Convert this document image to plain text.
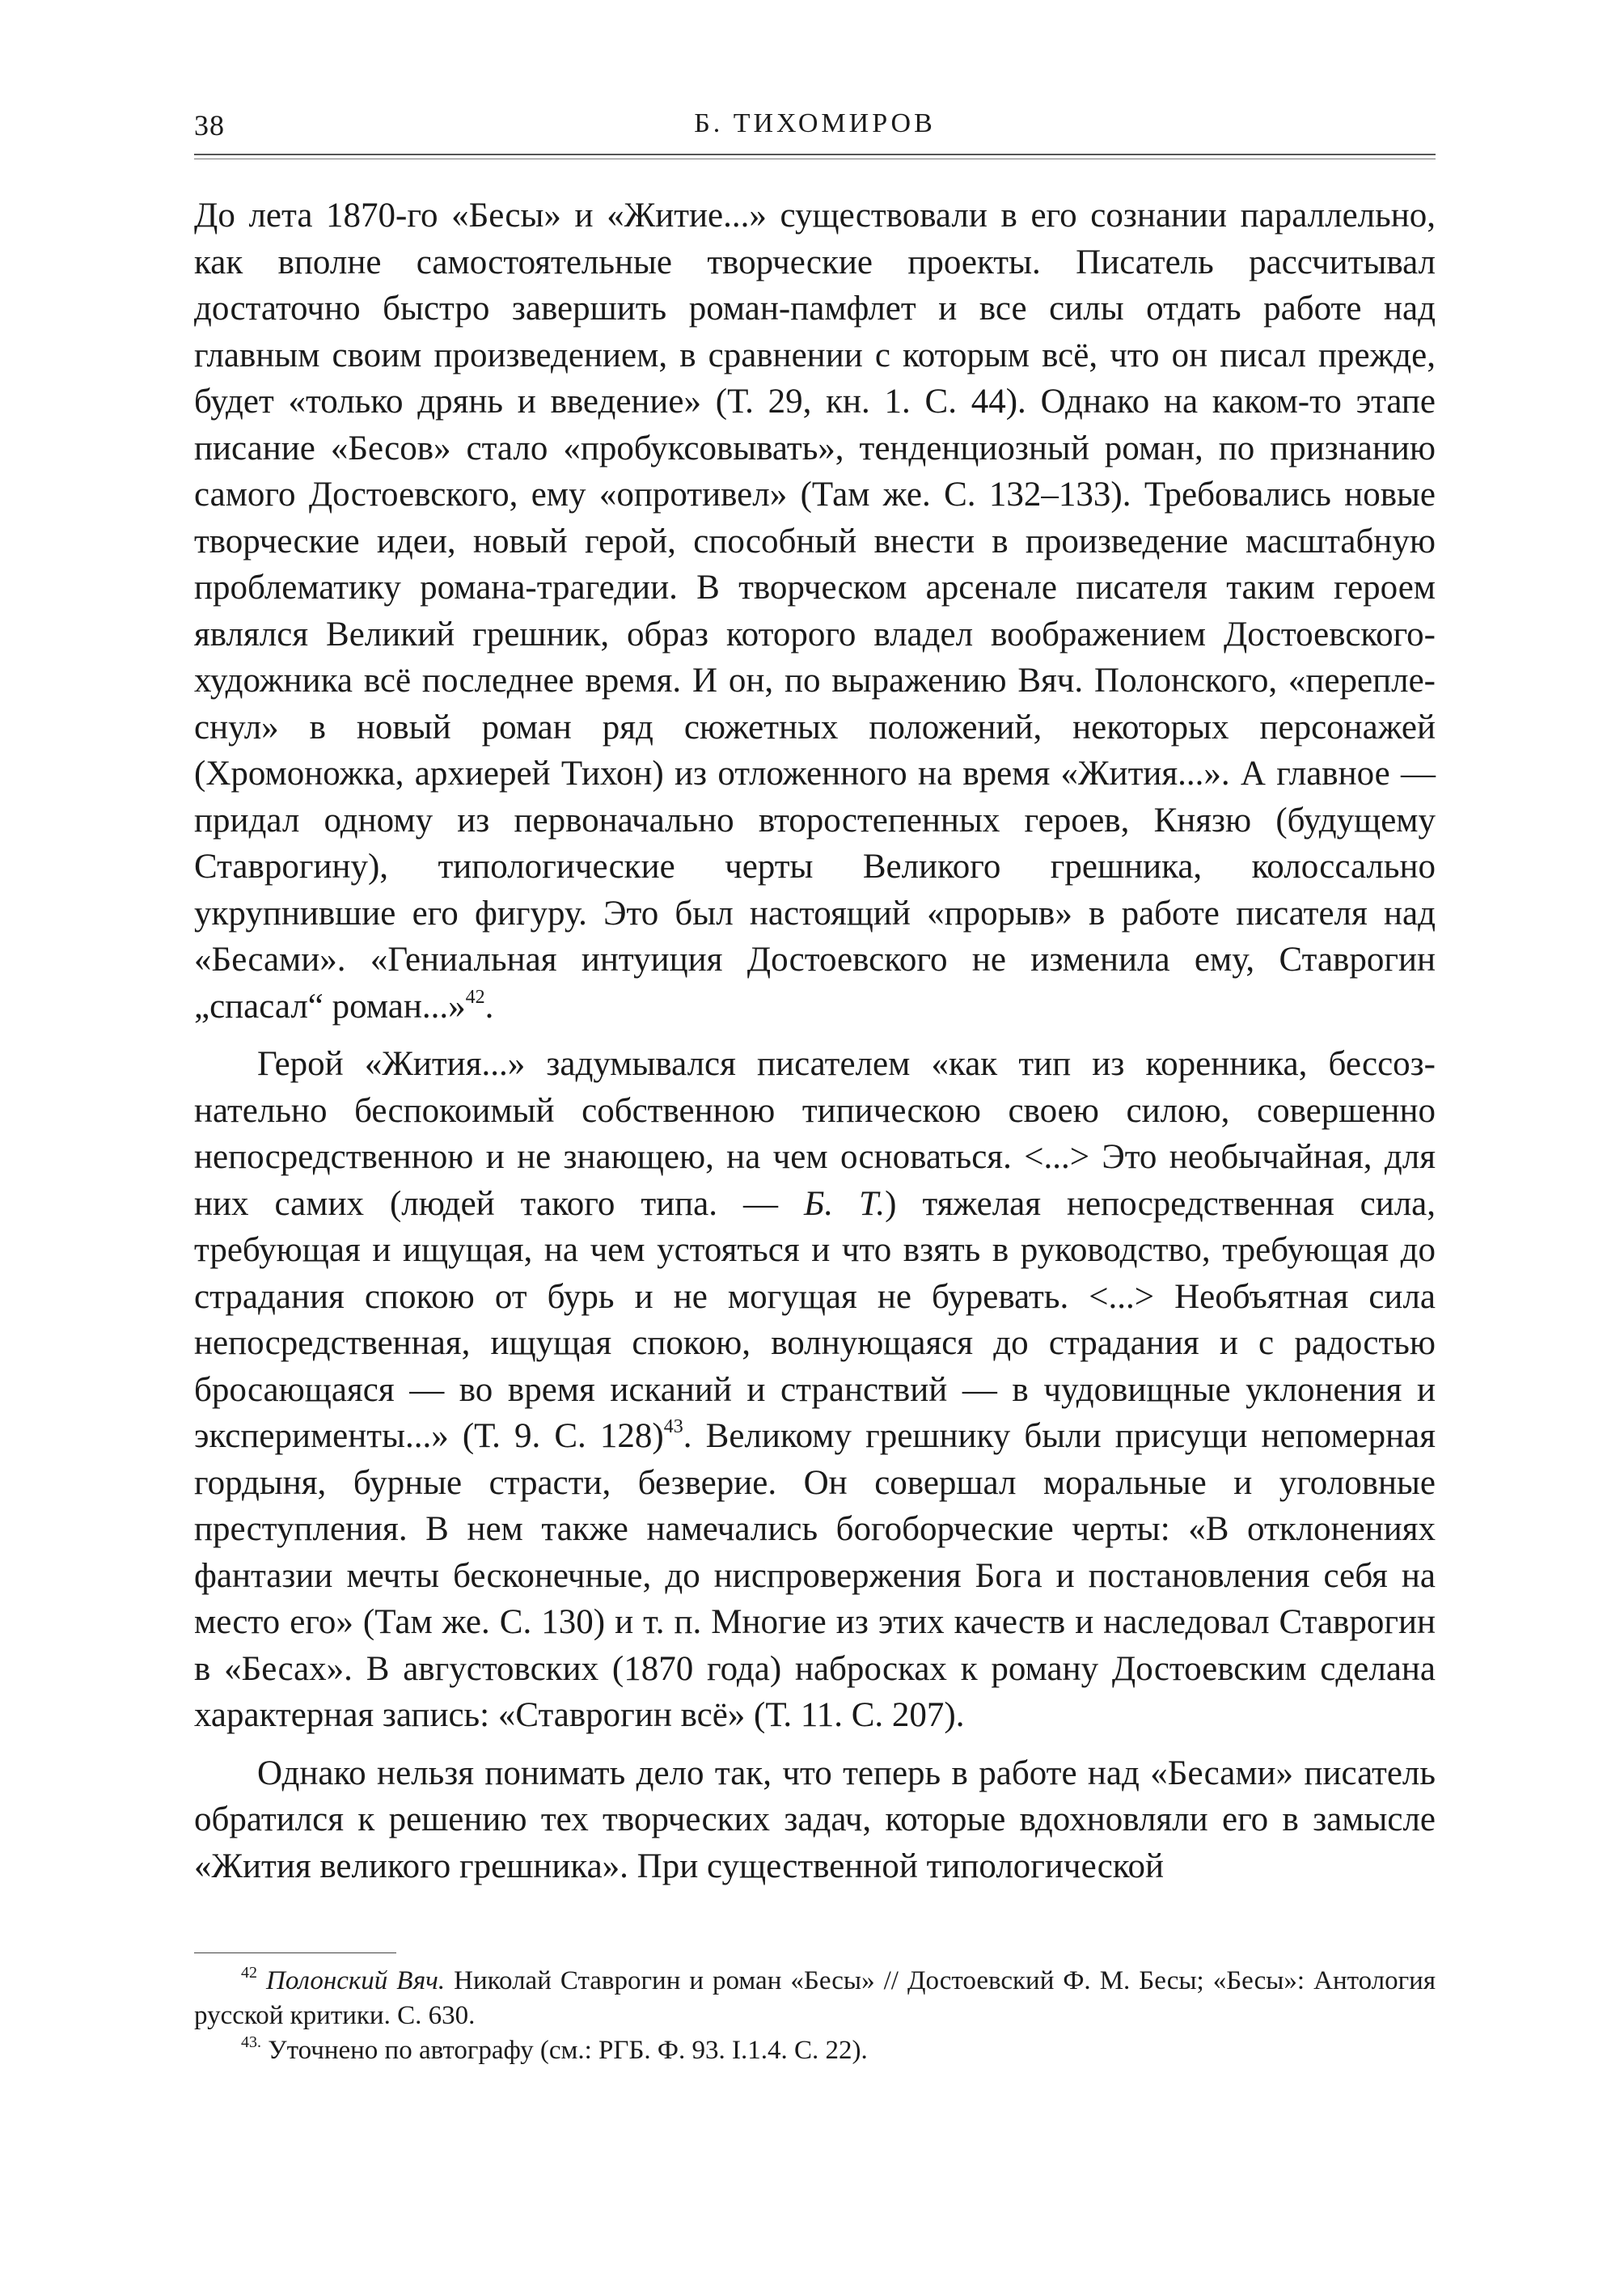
38	Б. ТИХОМИРОВ

До лета 1870-го «Бесы» и «Житие...» существовали в его сознании параллельно, как вполне самостоятельные творческие проекты. Писатель рассчитывал достаточно быстро завершить роман-памфлет и все силы отдать работе над главным своим произведением, в сравнении с которым всё, что он писал прежде, будет «только дрянь и введение» (Т. 29, кн. 1. С. 44). Однако на каком-то этапе писание «Бесов» стало «пробуксовывать», тенденциозный роман, по признанию самого Достоевского, ему «опротивел» (Там же. С. 132–133). Требовались новые творческие идеи, новый герой, способный внести в произведение масштабную проблематику романа-трагедии. В творческом арсенале писателя таким героем являлся Великий грешник, образ которого владел воображением Достоевского-художника всё последнее время. И он, по выражению Вяч. Полонского, «переплеснул» в новый роман ряд сюжетных положений, некоторых персонажей (Хромоножка, архиерей Тихон) из отложенного на время «Жития...». А главное — придал одному из первоначально второстепенных героев, Князю (будущему Ставрогину), типологические черты Великого грешника, колоссально укрупнившие его фигуру. Это был настоящий «прорыв» в работе писателя над «Бесами». «Гениальная интуиция Достоевского не изменила ему, Ставрогин „спасал“ роман...»$^{42}$.

Герой «Жития...» задумывался писателем «как тип из коренника, бессознательно беспокоимый собственною типическою своею силою, совершенно непосредственною и не знающею, на чем основаться. <...> Это необычайная, для них самих (людей такого типа. — Б. Т.) тяжелая непосредственная сила, требующая и ищущая, на чем устояться и что взять в руководство, требующая до страдания спокою от бурь и не могущая не буревать. <...> Необъятная сила непосредственная, ищущая спокою, волнующаяся до страдания и с радостью бросающаяся — во время исканий и странствий — в чудовищные уклонения и эксперименты...» (Т. 9. С. 128)$^{43}$. Великому грешнику были присущи непомерная гордыня, бурные страсти, безверие. Он совершал моральные и уголовные преступления. В нем также намечались богоборческие черты: «В отклонениях фантазии мечты бесконечные, до ниспровержения Бога и постановления себя на место его» (Там же. С. 130) и т. п. Многие из этих качеств и наследовал Ставрогин в «Бесах». В августовских (1870 года) набросках к роману Достоевским сделана характерная запись: «Ставрогин всё» (Т. 11. С. 207).

Однако нельзя понимать дело так, что теперь в работе над «Бесами» писатель обратился к решению тех творческих задач, которые вдохновляли его в замысле «Жития великого грешника». При существенной типологической

$^{42}$ Полонский Вяч. Николай Ставрогин и роман «Бесы» // Достоевский Ф. М. Бесы; «Бесы»: Антология русской критики. С. 630.

$^{43.}$ Уточнено по автографу (см.: РГБ. Ф. 93. I.1.4. С. 22).
